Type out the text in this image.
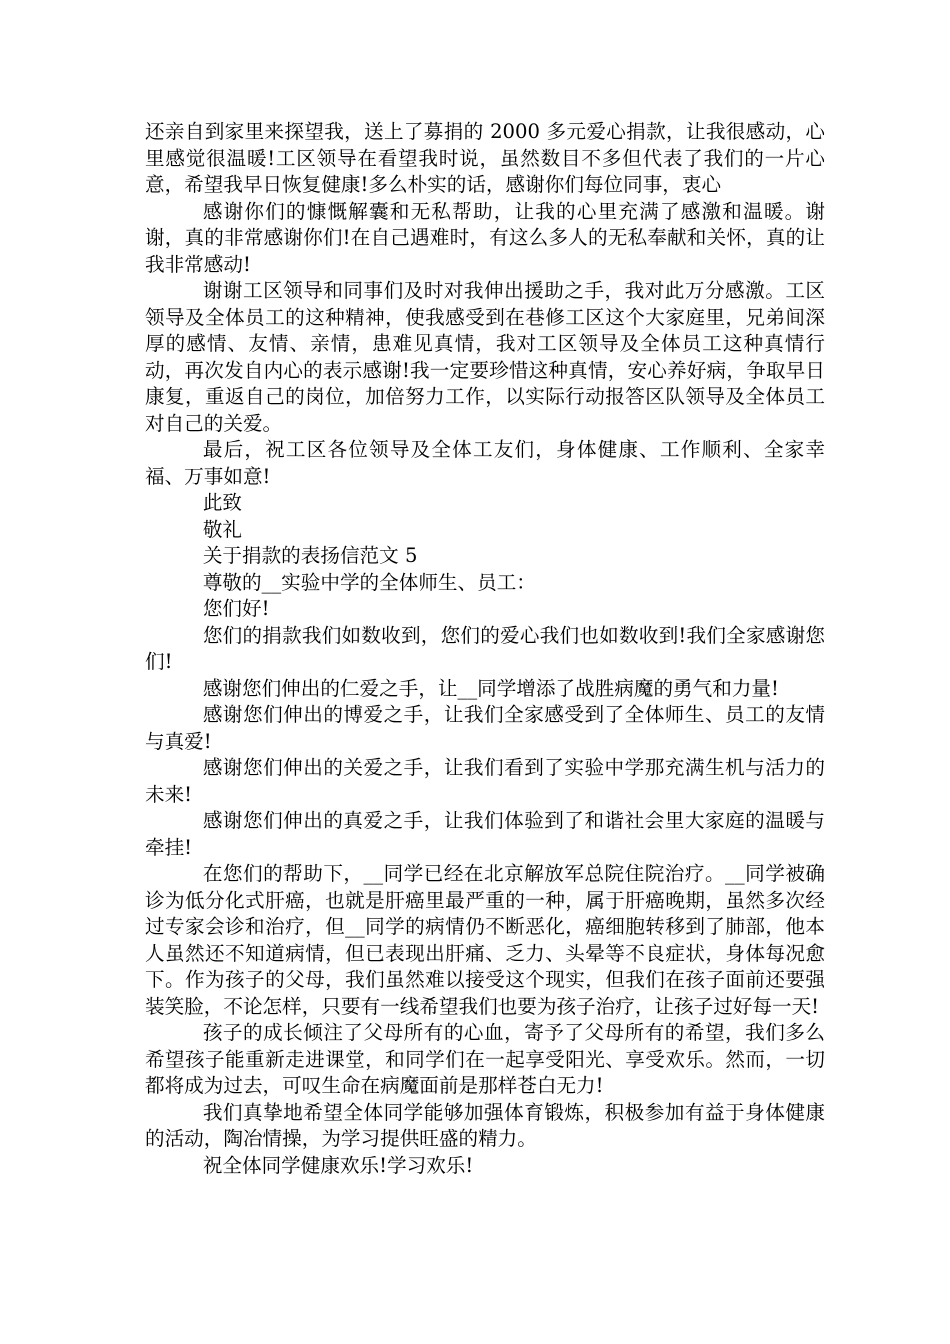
还亲自到家里来探望我，送上了募捐的 2000 多元爱心捐款，让我很感动，心里感觉很温暖!工区领导在看望我时说，虽然数目不多但代表了我们的一片心意，希望我早日恢复健康!多么朴实的话，感谢你们每位同事，衷心

感谢你们的慷慨解囊和无私帮助，让我的心里充满了感激和温暖。谢谢，真的非常感谢你们!在自己遇难时，有这么多人的无私奉献和关怀，真的让我非常感动!

谢谢工区领导和同事们及时对我伸出援助之手，我对此万分感激。工区领导及全体员工的这种精神，使我感受到在巷修工区这个大家庭里，兄弟间深厚的感情、友情、亲情，患难见真情，我对工区领导及全体员工这种真情行动，再次发自内心的表示感谢!我一定要珍惜这种真情，安心养好病，争取早日康复，重返自己的岗位，加倍努力工作，以实际行动报答区队领导及全体员工对自己的关爱。

最后，祝工区各位领导及全体工友们，身体健康、工作顺利、全家幸福、万事如意!

此致

敬礼

关于捐款的表扬信范文 5

尊敬的__实验中学的全体师生、员工：

您们好!

您们的捐款我们如数收到，您们的爱心我们也如数收到!我们全家感谢您们!

感谢您们伸出的仁爱之手，让__同学增添了战胜病魔的勇气和力量!

感谢您们伸出的博爱之手，让我们全家感受到了全体师生、员工的友情与真爱!

感谢您们伸出的关爱之手，让我们看到了实验中学那充满生机与活力的未来!

感谢您们伸出的真爱之手，让我们体验到了和谐社会里大家庭的温暖与牵挂!

在您们的帮助下，__同学已经在北京解放军总院住院治疗。__同学被确诊为低分化式肝癌，也就是肝癌里最严重的一种，属于肝癌晚期，虽然多次经过专家会诊和治疗，但__同学的病情仍不断恶化，癌细胞转移到了肺部，他本人虽然还不知道病情，但已表现出肝痛、乏力、头晕等不良症状，身体每况愈下。作为孩子的父母，我们虽然难以接受这个现实，但我们在孩子面前还要强装笑脸，不论怎样，只要有一线希望我们也要为孩子治疗，让孩子过好每一天!

孩子的成长倾注了父母所有的心血，寄予了父母所有的希望，我们多么希望孩子能重新走进课堂，和同学们在一起享受阳光、享受欢乐。然而，一切都将成为过去，可叹生命在病魔面前是那样苍白无力!

我们真挚地希望全体同学能够加强体育锻炼，积极参加有益于身体健康的活动，陶冶情操，为学习提供旺盛的精力。

祝全体同学健康欢乐!学习欢乐!
